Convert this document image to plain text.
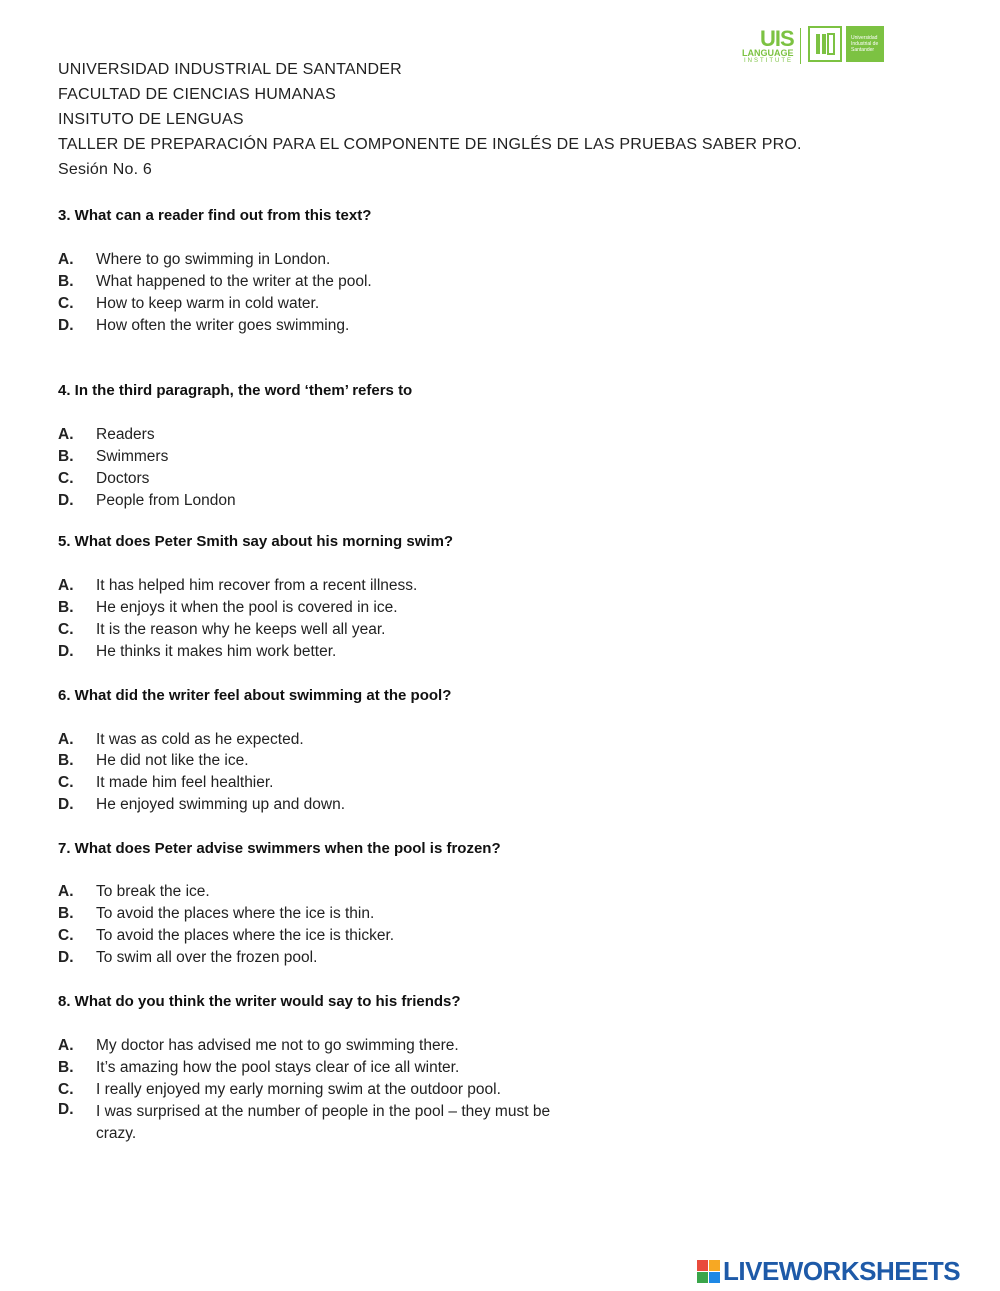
UIS
LANGUAGE
INSTITUTE
Universidad Industrial de Santander
UNIVERSIDAD INDUSTRIAL DE SANTANDER
FACULTAD DE CIENCIAS HUMANAS
INSITUTO DE LENGUAS
TALLER DE PREPARACIÓN PARA EL COMPONENTE DE INGLÉS DE LAS PRUEBAS SABER PRO.
Sesión No. 6
3. What can a reader find out from this text?
A. Where to go swimming in London.
B. What happened to the writer at the pool.
C. How to keep warm in cold water.
D. How often the writer goes swimming.
4. In the third paragraph, the word ‘them’ refers to
A. Readers
B. Swimmers
C. Doctors
D. People from London
5. What does Peter Smith say about his morning swim?
A. It has helped him recover from a recent illness.
B. He enjoys it when the pool is covered in ice.
C. It is the reason why he keeps well all year.
D. He thinks it makes him work better.
6. What did the writer feel about swimming at the pool?
A. It was as cold as he expected.
B. He did not like the ice.
C. It made him feel healthier.
D. He enjoyed swimming up and down.
7. What does Peter advise swimmers when the pool is frozen?
A. To break the ice.
B. To avoid the places where the ice is thin.
C. To avoid the places where the ice is thicker.
D. To swim all over the frozen pool.
8. What do you think the writer would say to his friends?
A. My doctor has advised me not to go swimming there.
B. It’s amazing how the pool stays clear of ice all winter.
C. I really enjoyed my early morning swim at the outdoor pool.
D. I was surprised at the number of people in the pool – they must be crazy.
LIVEWORKSHEETS
